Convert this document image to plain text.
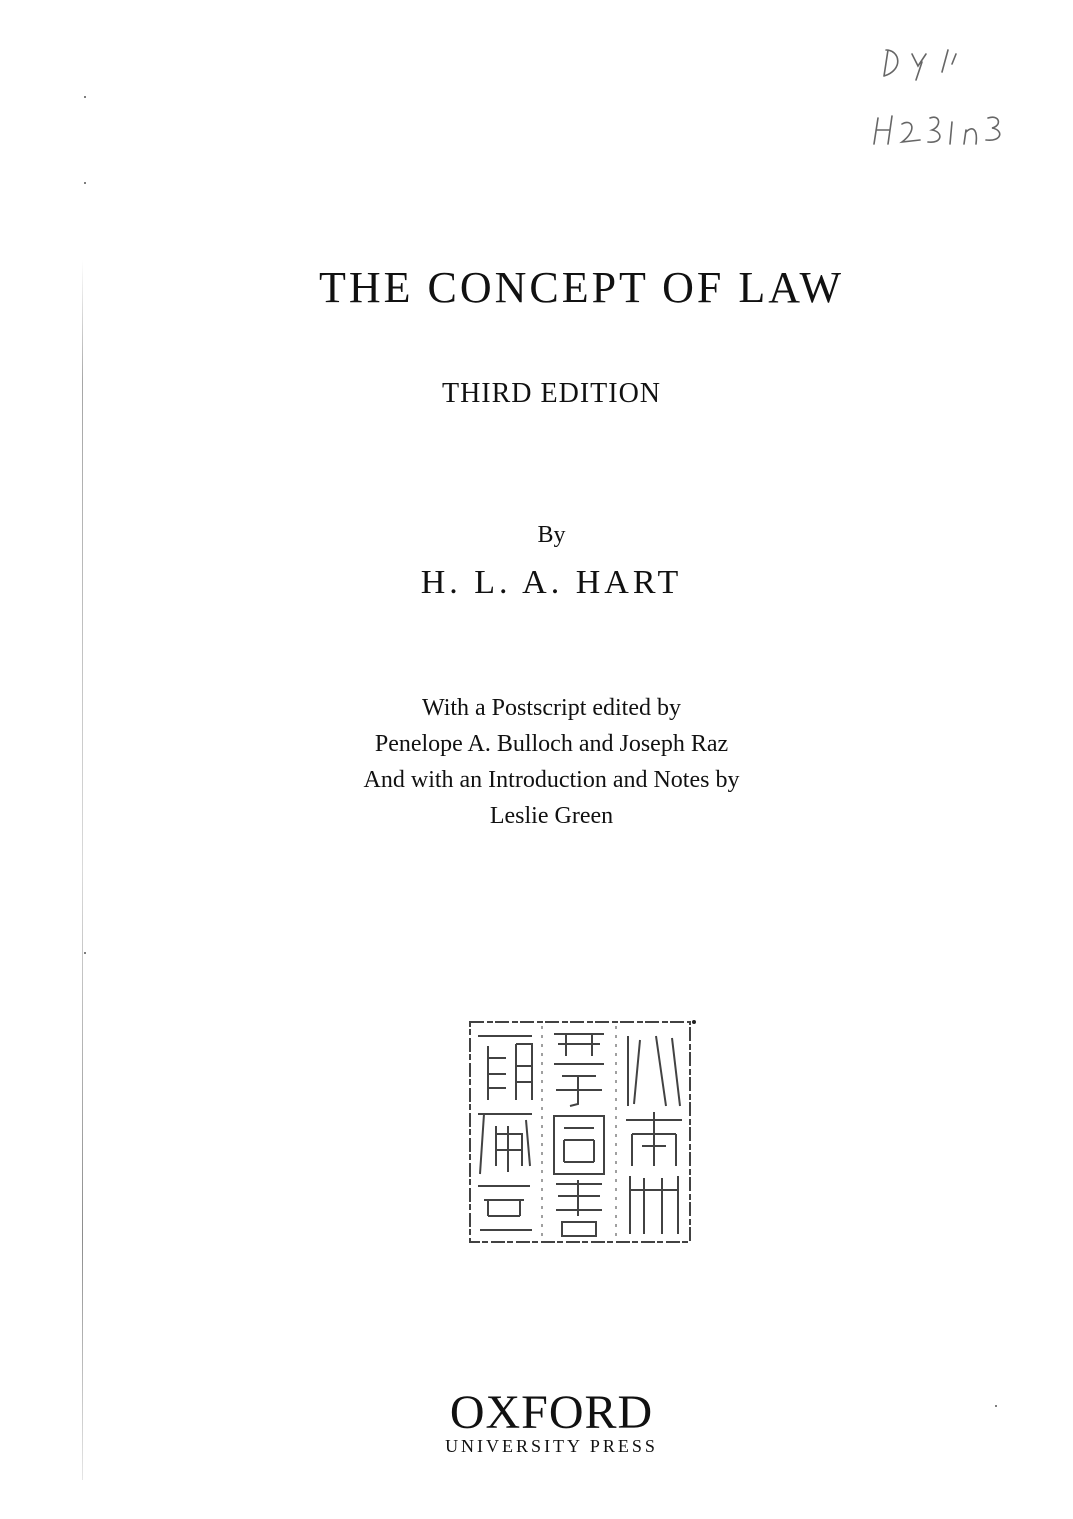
THE CONCEPT OF LAW
THIRD EDITION
By
H. L. A. HART
With a Postscript edited by
Penelope A. Bulloch and Joseph Raz
And with an Introduction and Notes by
Leslie Green
OXFORD
UNIVERSITY PRESS
